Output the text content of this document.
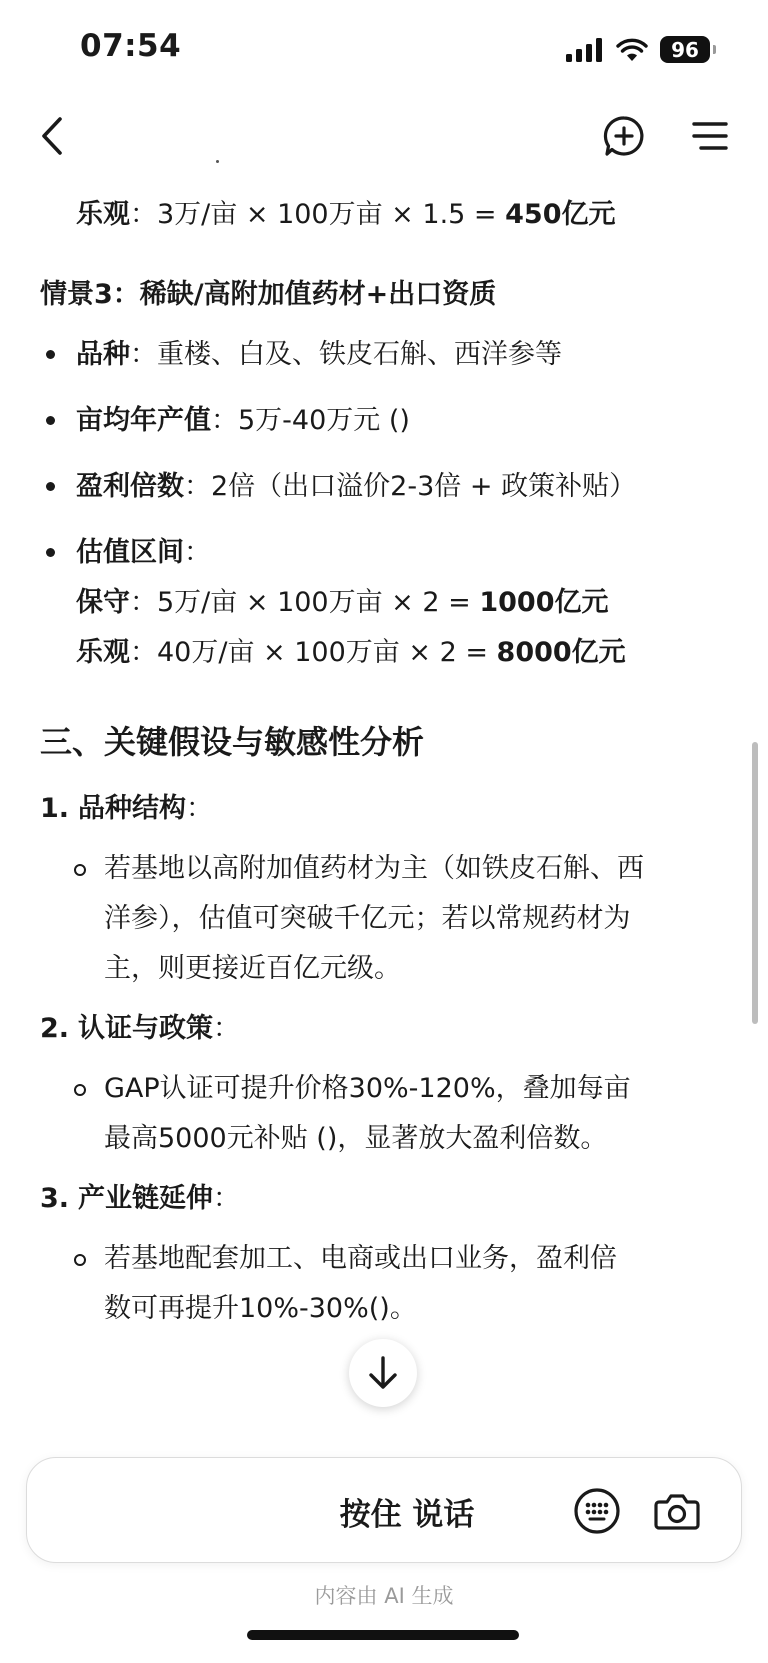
07:54	96
乐观：3万/亩 × 100万亩 × 1.5 = 450亿元
情景3：稀缺/高附加值药材+出口资质
品种：重楼、白及、铁皮石斛、西洋参等
亩均年产值：5万-40万元 ()
盈利倍数：2倍（出口溢价2-3倍 + 政策补贴）
估值区间：
保守：5万/亩 × 100万亩 × 2 = 1000亿元
乐观：40万/亩 × 100万亩 × 2 = 8000亿元
三、关键假设与敏感性分析
1. 品种结构：
若基地以高附加值药材为主（如铁皮石斛、西
洋参），估值可突破千亿元；若以常规药材为
主，则更接近百亿元级。
2. 认证与政策：
GAP认证可提升价格30%-120%，叠加每亩
最高5000元补贴 ()，显著放大盈利倍数。
3. 产业链延伸：
若基地配套加工、电商或出口业务，盈利倍
数可再提升10%-30%()。
按住 说话
内容由 AI 生成
